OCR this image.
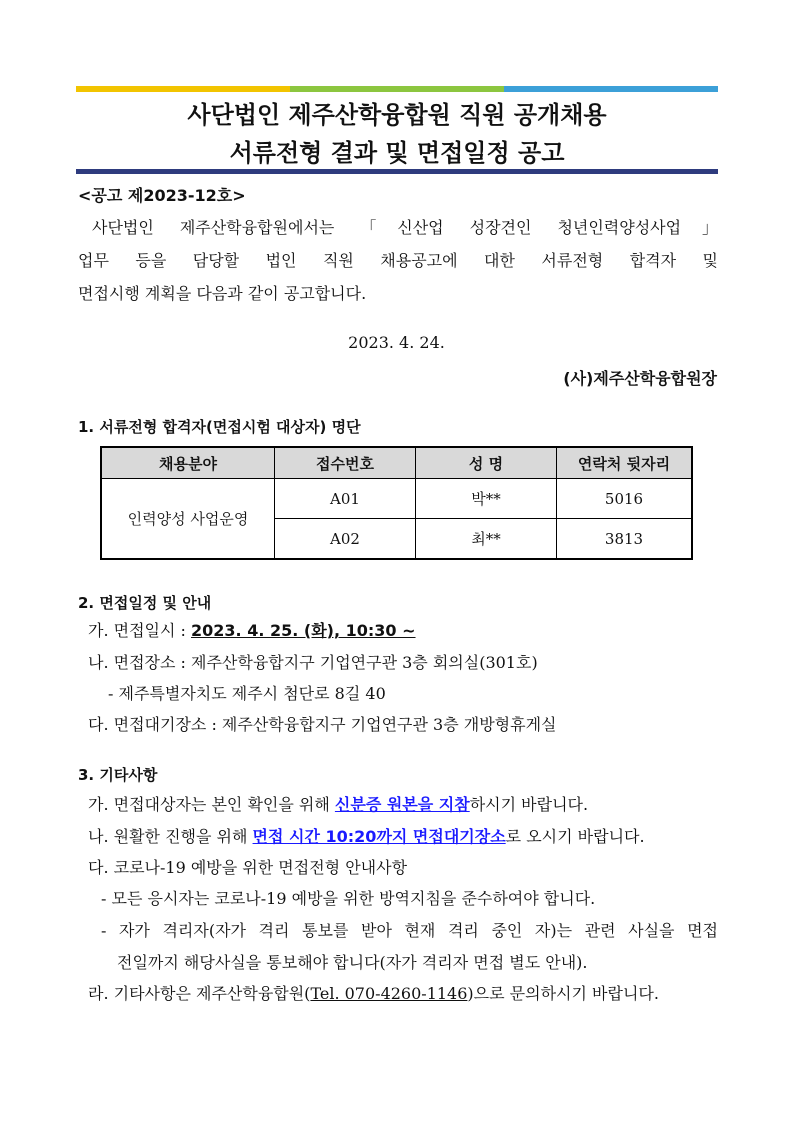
사단법인 제주산학융합원 직원 공개채용
서류전형 결과 및 면접일정 공고
<공고 제2023-12호>
사단법인 제주산학융합원에서는 「신산업 성장견인 청년인력양성사업」
업무 등을 담당할 법인 직원 채용공고에 대한 서류전형 합격자 및
면접시행 계획을 다음과 같이 공고합니다.
2023. 4. 24.
(사)제주산학융합원장
1. 서류전형 합격자(면접시험 대상자) 명단
채용분야	접수번호	성 명	연락처 뒷자리
인력양성 사업운영	A01	박**	5016
	A02	최**	3813
2. 면접일정 및 안내
가. 면접일시 : 2023. 4. 25. (화), 10:30 ~
나. 면접장소 : 제주산학융합지구 기업연구관 3층 회의실(301호)
- 제주특별자치도 제주시 첨단로 8길 40
다. 면접대기장소 : 제주산학융합지구 기업연구관 3층 개방형휴게실
3. 기타사항
가. 면접대상자는 본인 확인을 위해 신분증 원본을 지참하시기 바랍니다.
나. 원활한 진행을 위해 면접 시간 10:20까지 면접대기장소로 오시기 바랍니다.
다. 코로나-19 예방을 위한 면접전형 안내사항
- 모든 응시자는 코로나-19 예방을 위한 방역지침을 준수하여야 합니다.
- 자가 격리자(자가 격리 통보를 받아 현재 격리 중인 자)는 관련 사실을 면접
전일까지 해당사실을 통보해야 합니다(자가 격리자 면접 별도 안내).
라. 기타사항은 제주산학융합원(Tel. 070-4260-1146)으로 문의하시기 바랍니다.
